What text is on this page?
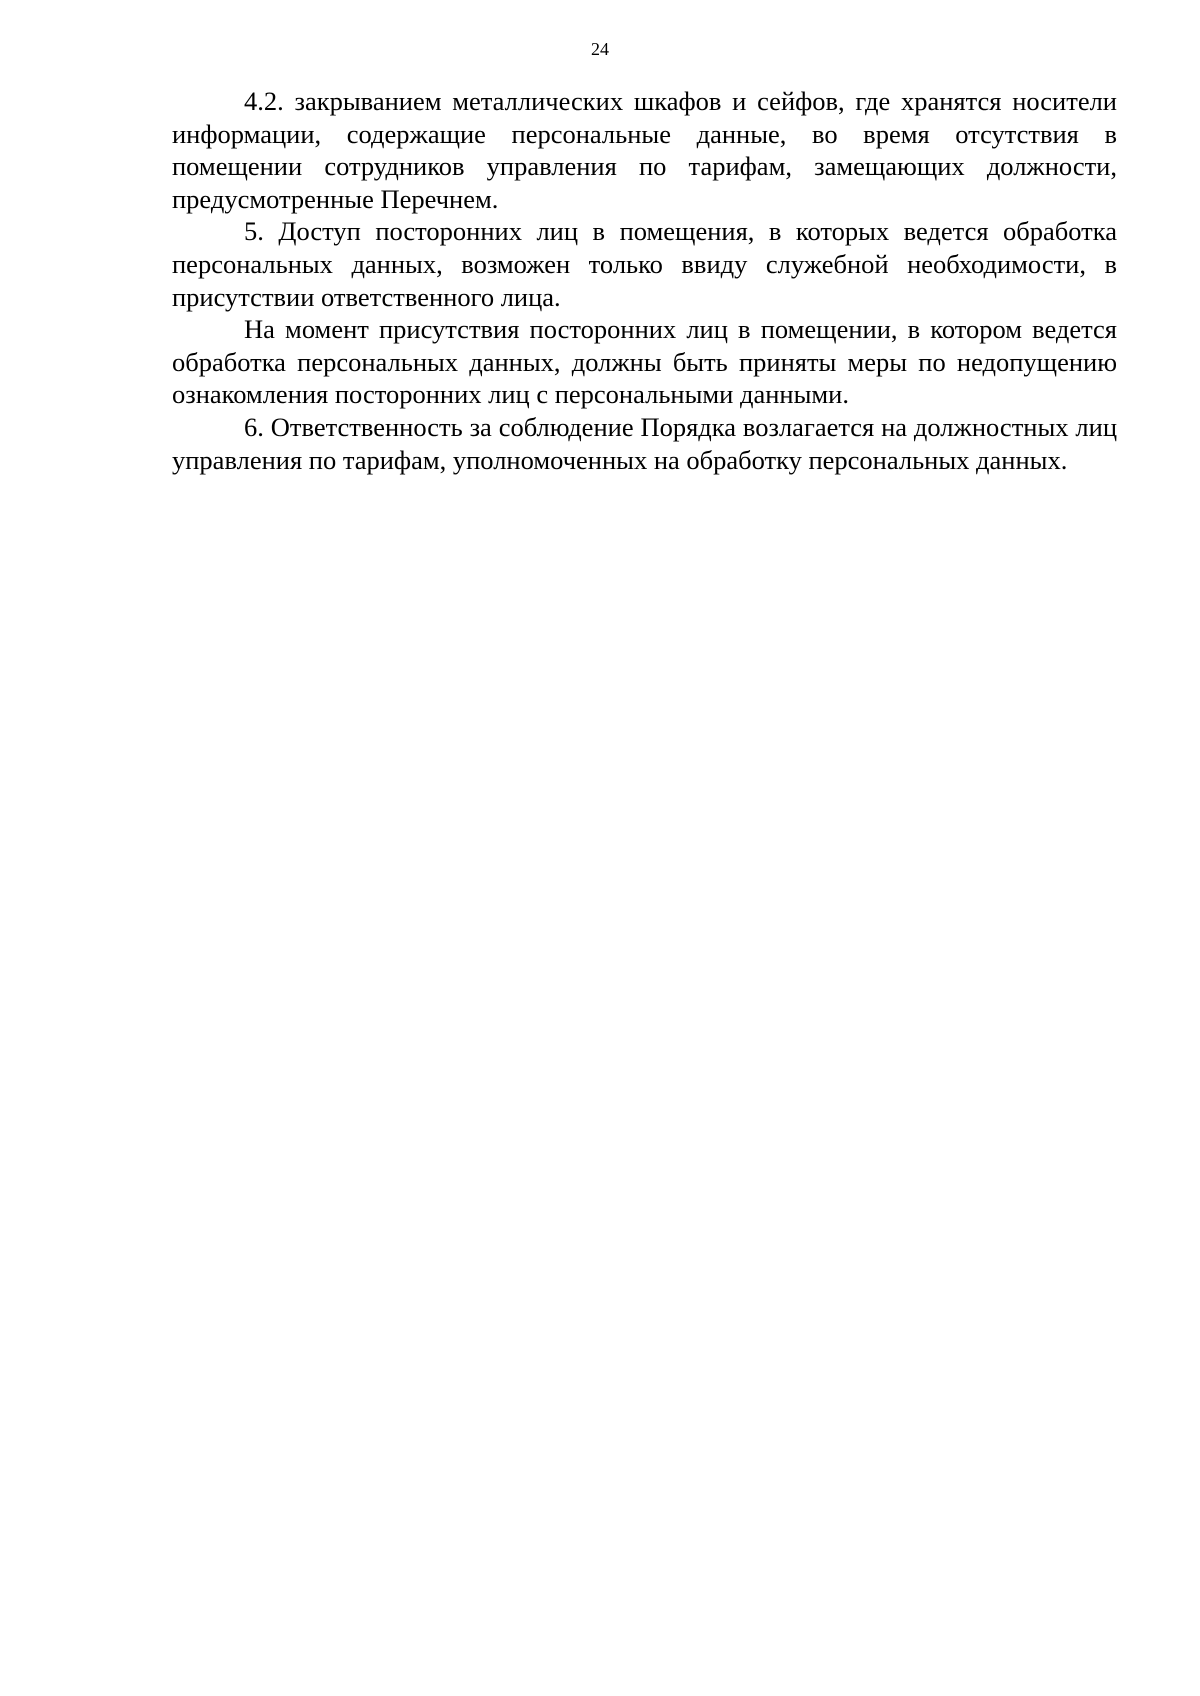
24

4.2. закрыванием металлических шкафов и сейфов, где хранятся носители информации, содержащие персональные данные, во время отсутствия в помещении сотрудников управления по тарифам, замещающих должности, предусмотренные Перечнем.

5. Доступ посторонних лиц в помещения, в которых ведется обработка персональных данных, возможен только ввиду служебной необходимости, в присутствии ответственного лица.

На момент присутствия посторонних лиц в помещении, в котором ведется обработка персональных данных, должны быть приняты меры по недопущению ознакомления посторонних лиц с персональными данными.

6. Ответственность за соблюдение Порядка возлагается на должностных лиц управления по тарифам, уполномоченных на обработку персональных данных.
